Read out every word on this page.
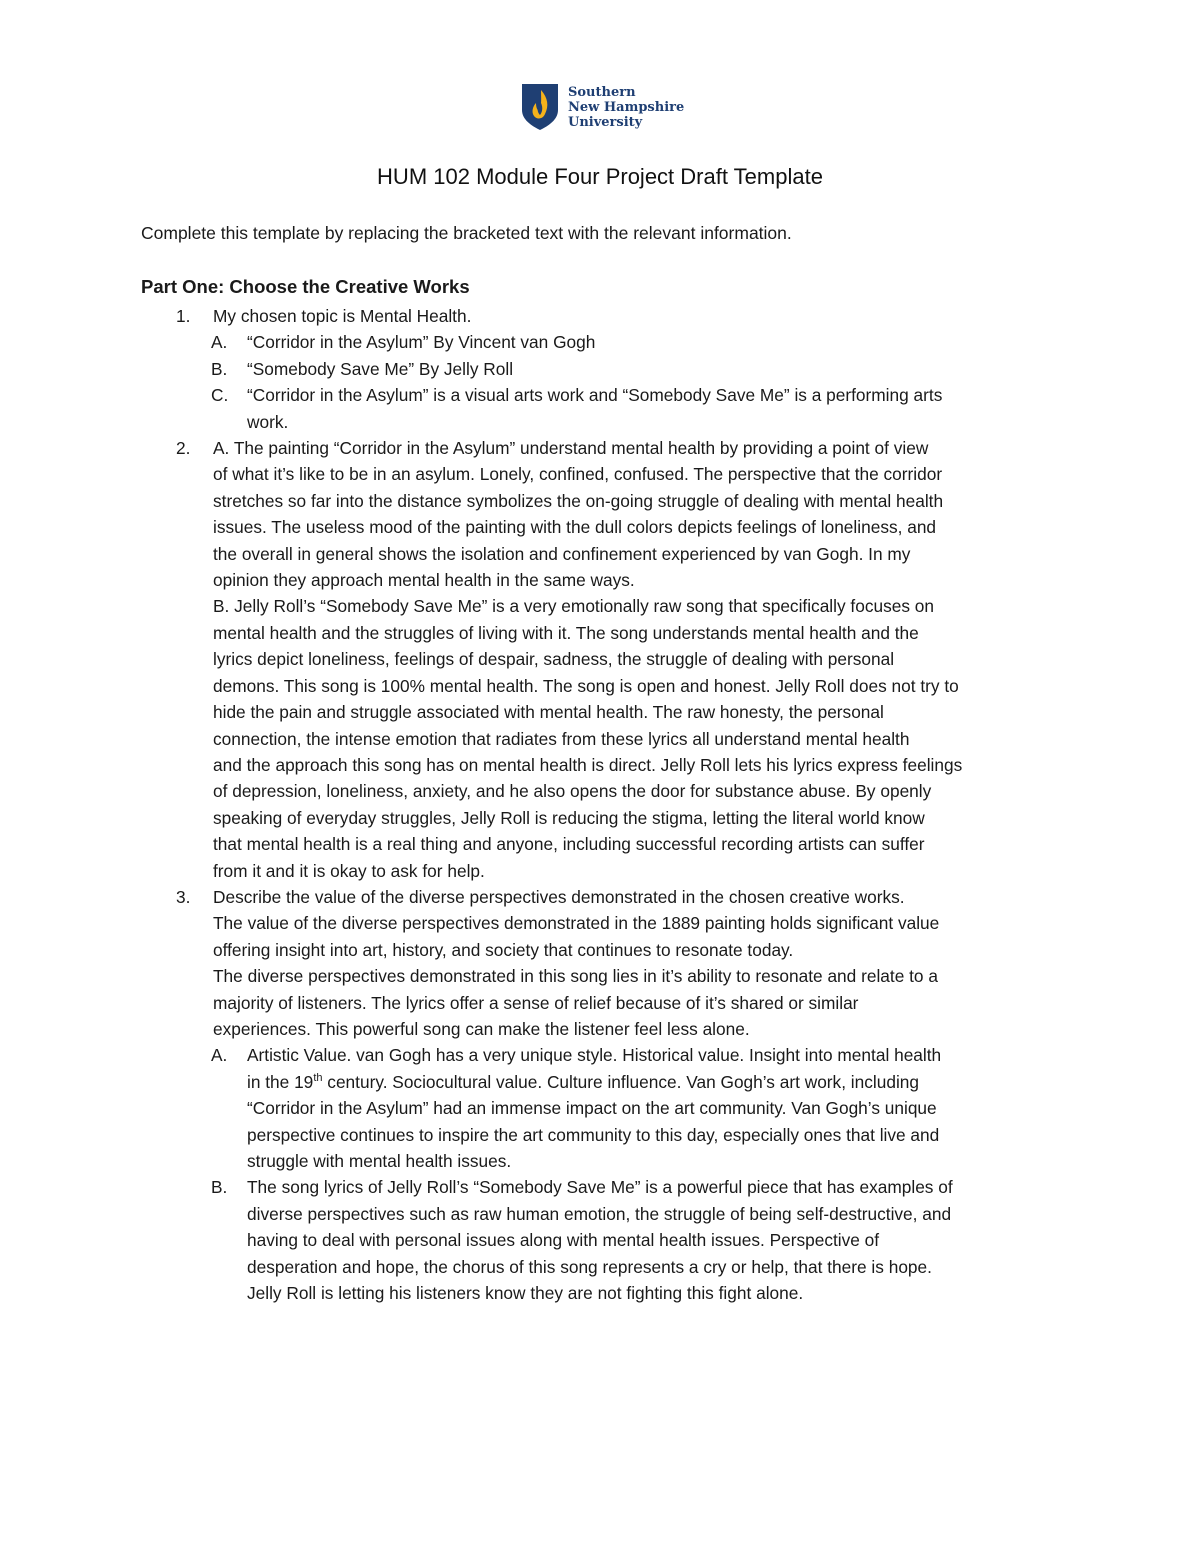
Southern
New Hampshire
University
HUM 102 Module Four Project Draft Template
Complete this template by replacing the bracketed text with the relevant information.
Part One: Choose the Creative Works
1. My chosen topic is Mental Health.
A. “Corridor in the Asylum” By Vincent van Gogh
B. “Somebody Save Me” By Jelly Roll
C. “Corridor in the Asylum” is a visual arts work and “Somebody Save Me” is a performing arts
work.
2. A. The painting “Corridor in the Asylum” understand mental health by providing a point of view
of what it’s like to be in an asylum. Lonely, confined, confused. The perspective that the corridor
stretches so far into the distance symbolizes the on-going struggle of dealing with mental health
issues. The useless mood of the painting with the dull colors depicts feelings of loneliness, and
the overall in general shows the isolation and confinement experienced by van Gogh. In my
opinion they approach mental health in the same ways.
B. Jelly Roll’s “Somebody Save Me” is a very emotionally raw song that specifically focuses on
mental health and the struggles of living with it. The song understands mental health and the
lyrics depict loneliness, feelings of despair, sadness, the struggle of dealing with personal
demons. This song is 100% mental health. The song is open and honest. Jelly Roll does not try to
hide the pain and struggle associated with mental health. The raw honesty, the personal
connection, the intense emotion that radiates from these lyrics all understand mental health
and the approach this song has on mental health is direct. Jelly Roll lets his lyrics express feelings
of depression, loneliness, anxiety, and he also opens the door for substance abuse. By openly
speaking of everyday struggles, Jelly Roll is reducing the stigma, letting the literal world know
that mental health is a real thing and anyone, including successful recording artists can suffer
from it and it is okay to ask for help.
3. Describe the value of the diverse perspectives demonstrated in the chosen creative works.
The value of the diverse perspectives demonstrated in the 1889 painting holds significant value
offering insight into art, history, and society that continues to resonate today.
The diverse perspectives demonstrated in this song lies in it’s ability to resonate and relate to a
majority of listeners. The lyrics offer a sense of relief because of it’s shared or similar
experiences. This powerful song can make the listener feel less alone.
A. Artistic Value. van Gogh has a very unique style. Historical value. Insight into mental health
in the 19th century. Sociocultural value. Culture influence. Van Gogh’s art work, including
“Corridor in the Asylum” had an immense impact on the art community. Van Gogh’s unique
perspective continues to inspire the art community to this day, especially ones that live and
struggle with mental health issues.
B. The song lyrics of Jelly Roll’s “Somebody Save Me” is a powerful piece that has examples of
diverse perspectives such as raw human emotion, the struggle of being self-destructive, and
having to deal with personal issues along with mental health issues. Perspective of
desperation and hope, the chorus of this song represents a cry or help, that there is hope.
Jelly Roll is letting his listeners know they are not fighting this fight alone.
